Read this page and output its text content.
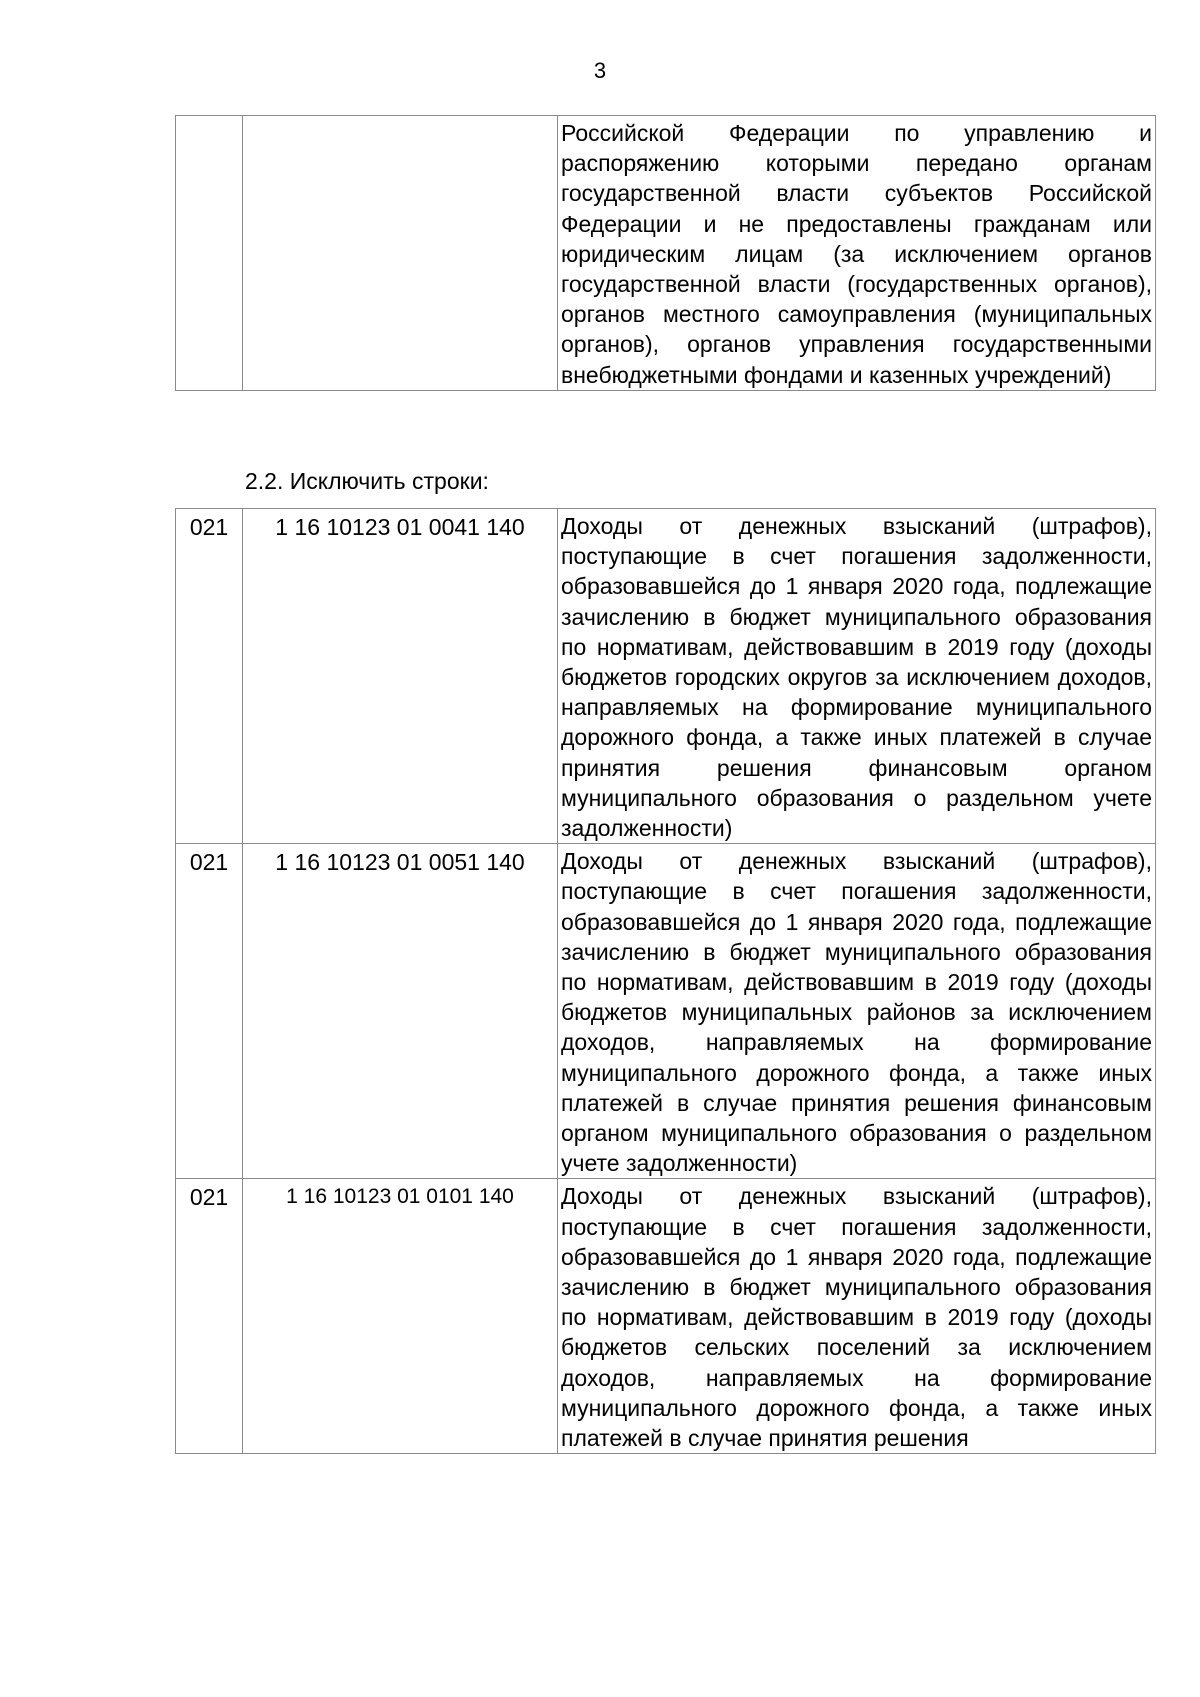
3
		Российской Федерации по управлению и распоряжению которыми передано органам государственной власти субъектов Российской Федерации и не предоставлены гражданам или юридическим лицам (за исключением органов государственной власти (государственных органов), органов местного самоуправления (муниципальных органов), органов управления государственными внебюджетными фондами и казенных учреждений)
2.2. Исключить строки:
021	1 16 10123 01 0041 140	Доходы от денежных взысканий (штрафов), поступающие в счет погашения задолженности, образовавшейся до 1 января 2020 года, подлежащие зачислению в бюджет муниципального образования по нормативам, действовавшим в 2019 году (доходы бюджетов городских округов за исключением доходов, направляемых на формирование муниципального дорожного фонда, а также иных платежей в случае принятия решения финансовым органом муниципального образования о раздельном учете задолженности)
021	1 16 10123 01 0051 140	Доходы от денежных взысканий (штрафов), поступающие в счет погашения задолженности, образовавшейся до 1 января 2020 года, подлежащие зачислению в бюджет муниципального образования по нормативам, действовавшим в 2019 году (доходы бюджетов муниципальных районов за исключением доходов, направляемых на формирование муниципального дорожного фонда, а также иных платежей в случае принятия решения финансовым органом муниципального образования о раздельном учете задолженности)
021	1 16 10123 01 0101 140	Доходы от денежных взысканий (штрафов), поступающие в счет погашения задолженности, образовавшейся до 1 января 2020 года, подлежащие зачислению в бюджет муниципального образования по нормативам, действовавшим в 2019 году (доходы бюджетов сельских поселений за исключением доходов, направляемых на формирование муниципального дорожного фонда, а также иных платежей в случае принятия решения
